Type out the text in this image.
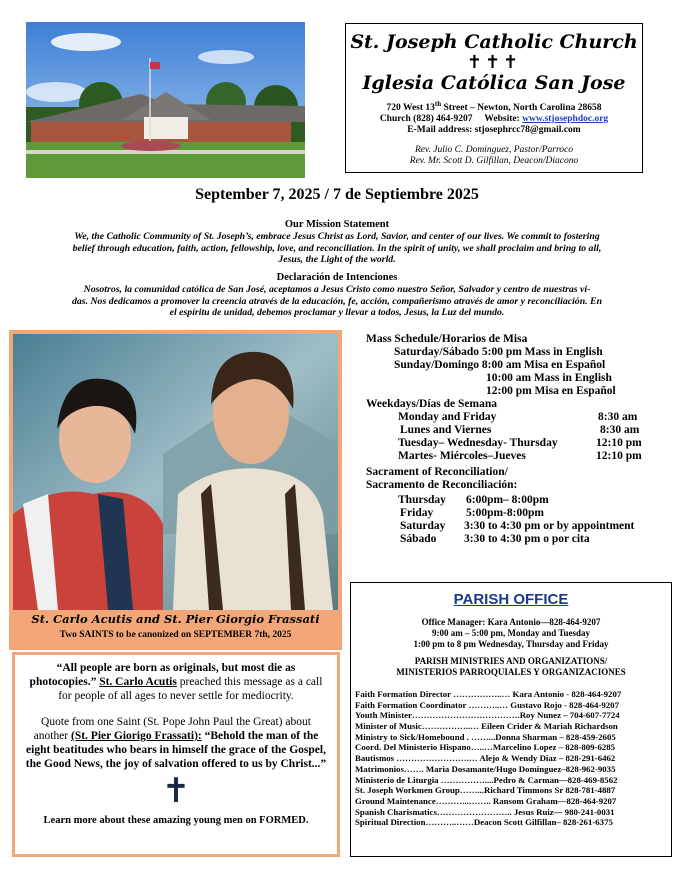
St. Joseph Catholic Church
✝✝✝
Iglesia Católica San Jose
720 West 13th Street – Newton, North Carolina 28658
Church (828) 464-9207 Website: www.stjosephdoc.org
E-Mail address: stjosephrcc78@gmail.com
Rev. Julio C. Dominguez, Pastor/Parroco
Rev. Mr. Scott D. Gilfillan, Deacon/Diacono
September 7, 2025 / 7 de Septiembre 2025
Our Mission Statement
We, the Catholic Community of St. Joseph’s, embrace Jesus Christ as Lord, Savior, and center of our lives. We commit to fostering
belief through education, faith, action, fellowship, love, and reconciliation. In the spirit of unity, we shall proclaim and bring to all,
Jesus, the Light of the world.
Declaración de Intenciones
Nosotros, la comunidad católica de San José, aceptamos a Jesus Cristo como nuestro Señor, Salvador y centro de nuestras vi-
das. Nos dedicamos a promover la creencia através de la educación, fe, acción, compañerismo através de amor y reconciliación. En
el espíritu de unidad, debemos proclamar y llevar a todos, Jesus, la Luz del mundo.
St. Carlo Acutis and St. Pier Giorgio Frassati
Two SAINTS to be canonized on SEPTEMBER 7th, 2025

“All people are born as originals, but most die as photocopies.” St. Carlo Acutis preached this message as a call for people of all ages to never settle for mediocrity.

Quote from one Saint (St. Pope John Paul the Great) about another (St. Pier Giorigo Frassati): “Behold the man of the eight beatitudes who bears in himself the grace of the Gospel, the Good News, the joy of salvation offered to us by Christ...”

✝
Learn more about these amazing young men on FORMED.
Mass Schedule/Horarios de Misa
Saturday/Sábado 5:00 pm Mass in English
Sunday/Domingo 8:00 am Misa en Español
10:00 am Mass in English
12:00 pm Misa en Español
Weekdays/Días de Semana
Monday and Friday	8:30 am
Lunes and Viernes	8:30 am
Tuesday– Wednesday- Thursday	12:10 pm
Martes- Miércoles–Jueves	12:10 pm
Sacrament of Reconciliation/
Sacramento de Reconciliación:
Thursday 6:00pm– 8:00pm
Friday	5:00pm-8:00pm
Saturday 3:30 to 4:30 pm or by appointment
Sábado 3:30 to 4:30 pm o por cita
PARISH OFFICE
Office Manager: Kara Antonio—828-464-9207
9:00 am – 5:00 pm, Monday and Tuesday
1:00 pm to 8 pm Wednesday, Thursday and Friday
PARISH MINISTRIES AND ORGANIZATIONS/
MINISTERIOS PARROQUIALES Y ORGANIZACIONES
Faith Formation Director ……………..… Kara Antonio - 828-464-9207
Faith Formation Coordinator ………..… Gustavo Rojo - 828-464-9207
Youth Minister……………………………….Roy Nunez – 704-607-7724
Minister of Music……………..… Eileen Crider & Mariah Richardson
Ministry to Sick/Homebound . ……...Donna Sharman – 828-459-2605
Coord. Del Ministerio Hispano…..…Marcelino Lopez – 828-809-6285
Bautismos …………………….… Alejo & Wendy Diaz – 828-291-6462
Matrimonios……. Maria Dosamante/Hugo Dominguez–828-962-9035
Ministerio de Liturgia ……………....Pedro & Carman—828-469-8562
St. Joseph Workmen Group……...Richard Timmons Sr 828-781-4887
Ground Maintenance………...…….. Ransom Graham—828-464-9207
Spanish Charismatics…………………….. Jesus Ruiz— 980-241-0031
Spiritual Direction………..……Deacon Scott Gilfillan– 828-261-6375
